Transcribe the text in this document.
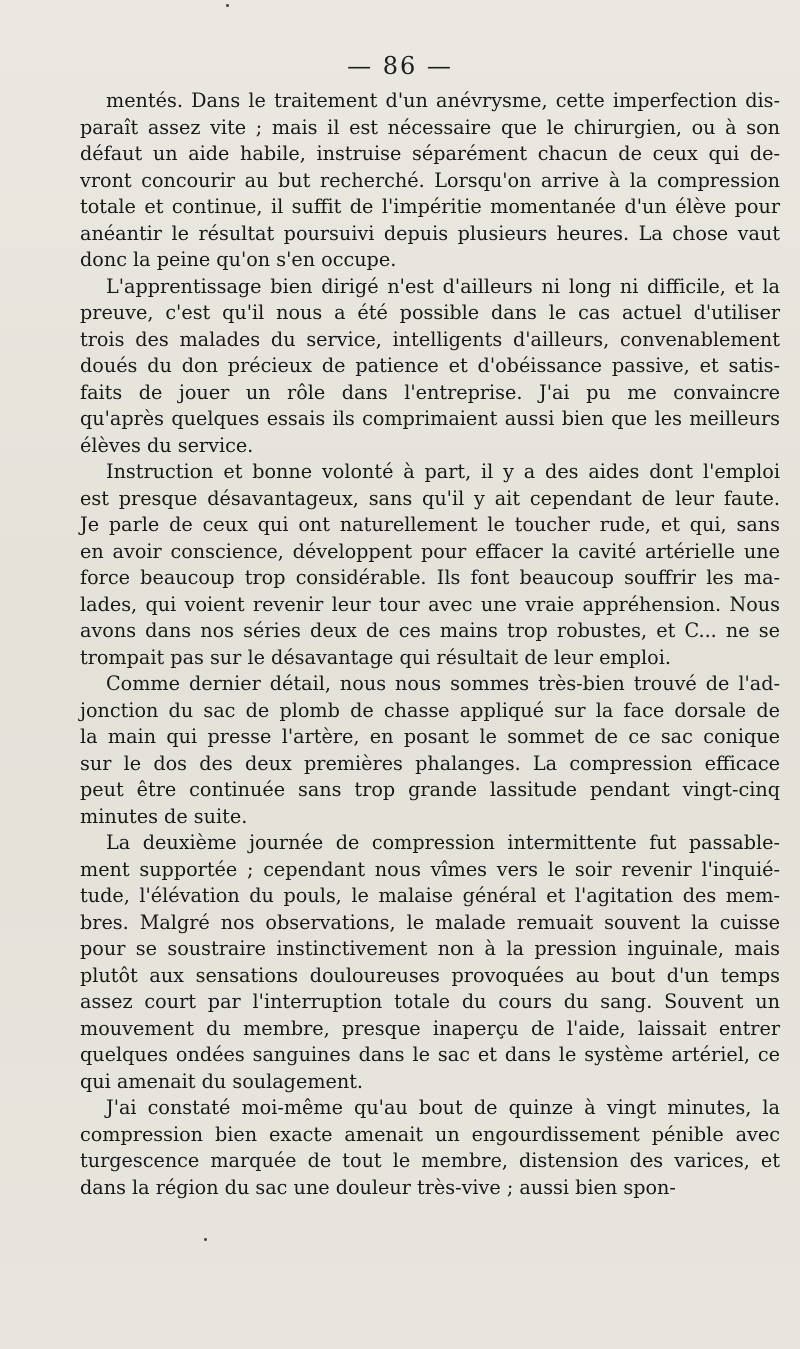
— 86 —
mentés. Dans le traitement d'un anévrysme, cette imperfection dis-
paraît assez vite ; mais il est nécessaire que le chirurgien, ou à son
défaut un aide habile, instruise séparément chacun de ceux qui de-
vront concourir au but recherché. Lorsqu'on arrive à la compression
totale et continue, il suffit de l'impéritie momentanée d'un élève pour
anéantir le résultat poursuivi depuis plusieurs heures. La chose vaut
donc la peine qu'on s'en occupe.
L'apprentissage bien dirigé n'est d'ailleurs ni long ni difficile, et la
preuve, c'est qu'il nous a été possible dans le cas actuel d'utiliser
trois des malades du service, intelligents d'ailleurs, convenablement
doués du don précieux de patience et d'obéissance passive, et satis-
faits de jouer un rôle dans l'entreprise. J'ai pu me convaincre
qu'après quelques essais ils comprimaient aussi bien que les meilleurs
élèves du service.
Instruction et bonne volonté à part, il y a des aides dont l'emploi
est presque désavantageux, sans qu'il y ait cependant de leur faute.
Je parle de ceux qui ont naturellement le toucher rude, et qui, sans
en avoir conscience, développent pour effacer la cavité artérielle une
force beaucoup trop considérable. Ils font beaucoup souffrir les ma-
lades, qui voient revenir leur tour avec une vraie appréhension. Nous
avons dans nos séries deux de ces mains trop robustes, et C... ne se
trompait pas sur le désavantage qui résultait de leur emploi.
Comme dernier détail, nous nous sommes très-bien trouvé de l'ad-
jonction du sac de plomb de chasse appliqué sur la face dorsale de
la main qui presse l'artère, en posant le sommet de ce sac conique
sur le dos des deux premières phalanges. La compression efficace
peut être continuée sans trop grande lassitude pendant vingt-cinq
minutes de suite.
La deuxième journée de compression intermittente fut passable-
ment supportée ; cependant nous vîmes vers le soir revenir l'inquié-
tude, l'élévation du pouls, le malaise général et l'agitation des mem-
bres. Malgré nos observations, le malade remuait souvent la cuisse
pour se soustraire instinctivement non à la pression inguinale, mais
plutôt aux sensations douloureuses provoquées au bout d'un temps
assez court par l'interruption totale du cours du sang. Souvent un
mouvement du membre, presque inaperçu de l'aide, laissait entrer
quelques ondées sanguines dans le sac et dans le système artériel, ce
qui amenait du soulagement.
J'ai constaté moi-même qu'au bout de quinze à vingt minutes, la
compression bien exacte amenait un engourdissement pénible avec
turgescence marquée de tout le membre, distension des varices, et
dans la région du sac une douleur très-vive ; aussi bien spon-
